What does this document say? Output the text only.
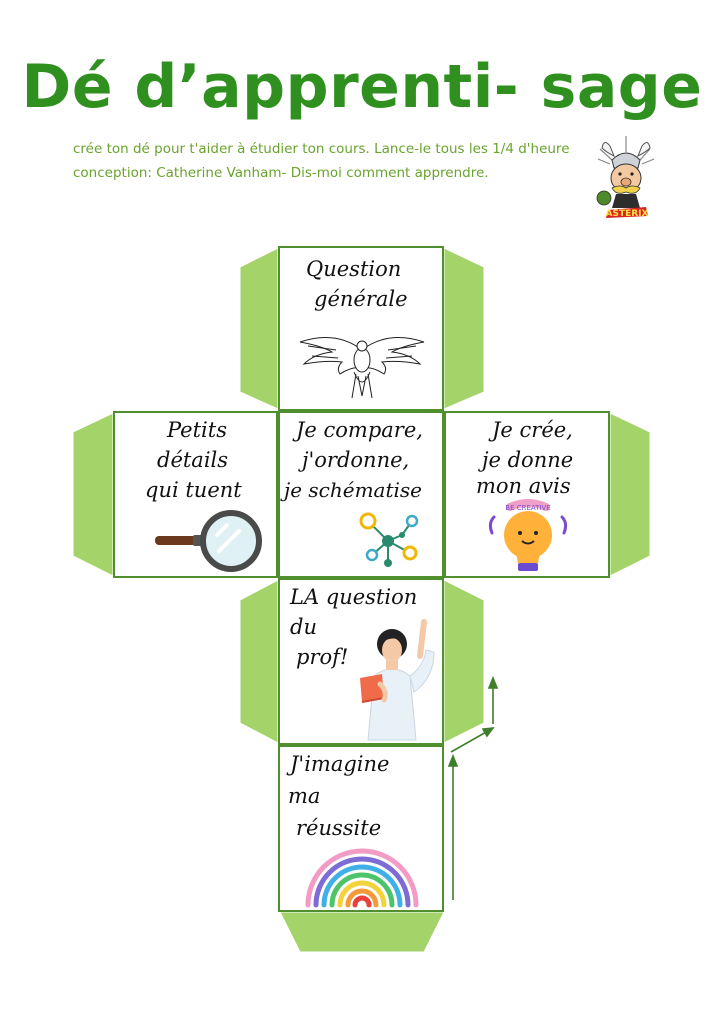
Dé d’apprenti- sage
crée ton dé pour t'aider à étudier ton cours. Lance-le tous les 1/4 d'heure
conception: Catherine Vanham- Dis-moi comment apprendre.
ASTERIX
Question
générale
Petits
détails
qui tuent
Je compare,
j'ordonne,
je schématise
Je crée,
je donne
mon avis
BE CREATIVE
LA question
du
prof!
J'imagine
ma
réussite
